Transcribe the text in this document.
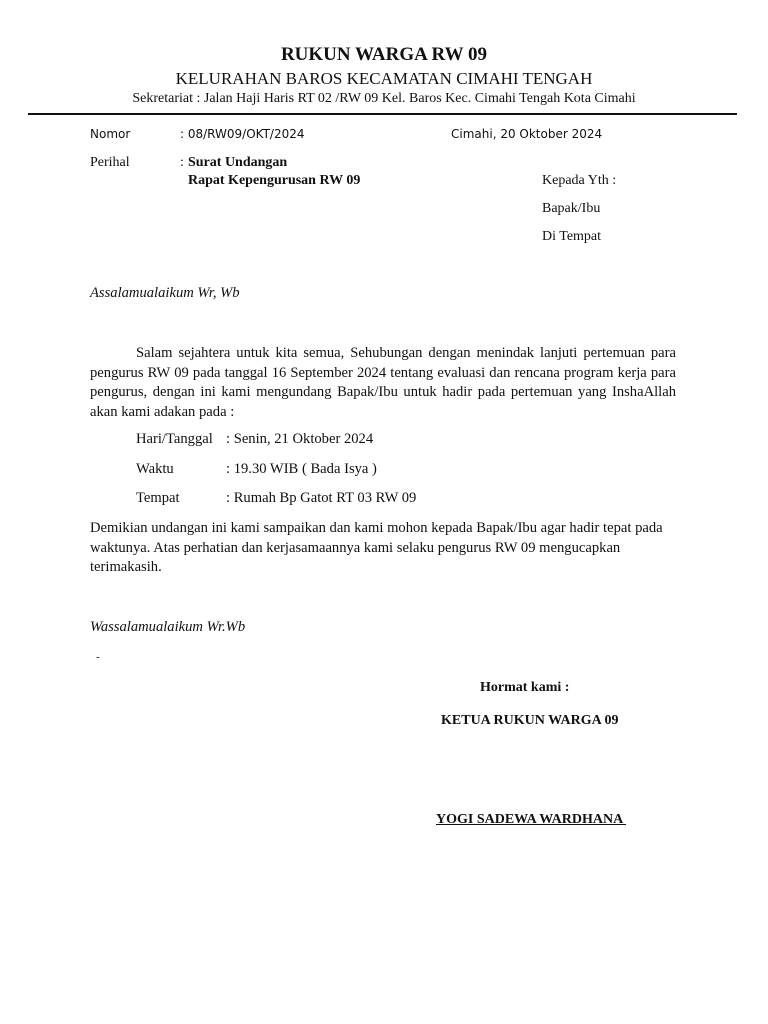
RUKUN WARGA RW 09
KELURAHAN BAROS KECAMATAN CIMAHI TENGAH
Sekretariat : Jalan Haji Haris RT 02 /RW 09 Kel. Baros Kec. Cimahi Tengah Kota Cimahi
Nomor	: 08/RW09/OKT/2024	Cimahi, 20 Oktober 2024
Perihal	: Surat Undangan
Rapat Kepengurusan RW 09	Kepada Yth :
Bapak/Ibu
Di Tempat
Assalamualaikum Wr, Wb

Salam sejahtera untuk kita semua, Sehubungan dengan menindak lanjuti pertemuan para pengurus RW 09 pada tanggal 16 September 2024 tentang evaluasi dan rencana program kerja para pengurus, dengan ini kami mengundang Bapak/Ibu untuk hadir pada pertemuan yang InshaAllah akan kami adakan pada :

Hari/Tanggal : Senin, 21 Oktober 2024
Waktu	: 19.30 WIB ( Bada Isya )
Tempat	: Rumah Bp Gatot RT 03 RW 09

Demikian undangan ini kami sampaikan dan kami mohon kepada Bapak/Ibu agar hadir tepat pada waktunya. Atas perhatian dan kerjasamaannya kami selaku pengurus RW 09 mengucapkan terimakasih.

Wassalamualaikum Wr.Wb
-
Hormat kami :
KETUA RUKUN WARGA 09
YOGI SADEWA WARDHANA
